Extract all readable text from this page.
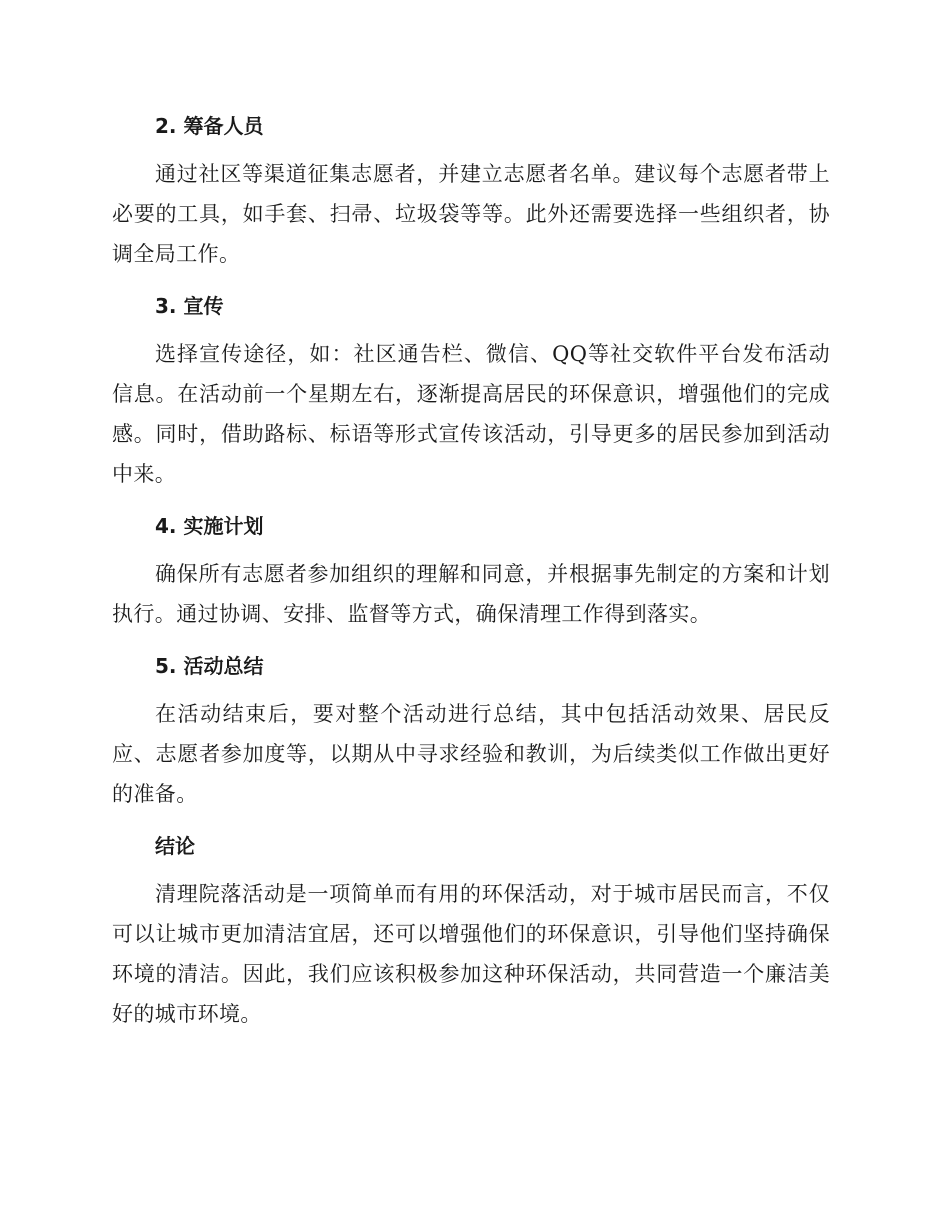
2. 筹备人员

通过社区等渠道征集志愿者，并建立志愿者名单。建议每个志愿者带上必要的工具，如手套、扫帚、垃圾袋等等。此外还需要选择一些组织者，协调全局工作。

3. 宣传

选择宣传途径，如：社区通告栏、微信、QQ等社交软件平台发布活动信息。在活动前一个星期左右，逐渐提高居民的环保意识，增强他们的完成感。同时，借助路标、标语等形式宣传该活动，引导更多的居民参加到活动中来。

4. 实施计划

确保所有志愿者参加组织的理解和同意，并根据事先制定的方案和计划执行。通过协调、安排、监督等方式，确保清理工作得到落实。

5. 活动总结

在活动结束后，要对整个活动进行总结，其中包括活动效果、居民反应、志愿者参加度等，以期从中寻求经验和教训，为后续类似工作做出更好的准备。

结论

清理院落活动是一项简单而有用的环保活动，对于城市居民而言，不仅可以让城市更加清洁宜居，还可以增强他们的环保意识，引导他们坚持确保环境的清洁。因此，我们应该积极参加这种环保活动，共同营造一个廉洁美好的城市环境。
